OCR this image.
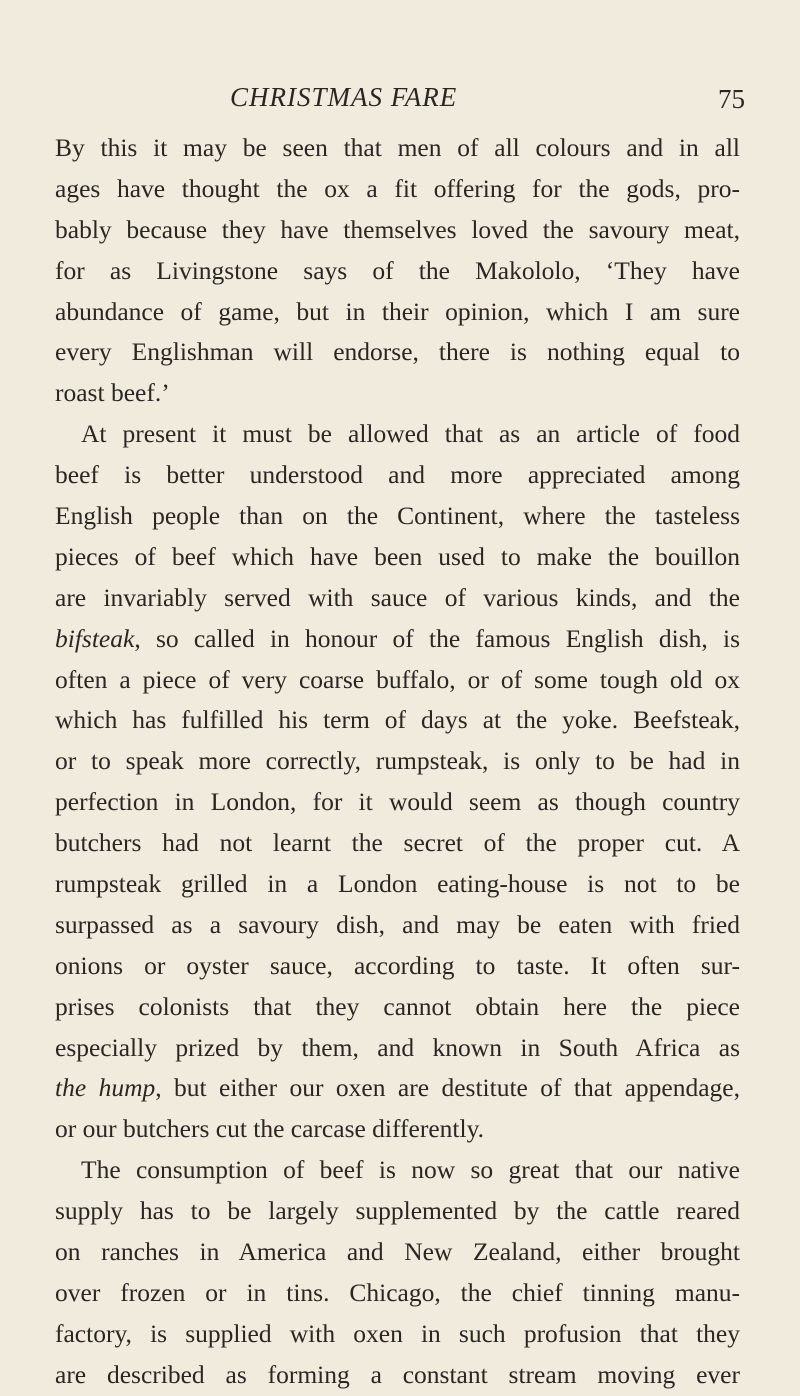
CHRISTMAS FARE	75
By this it may be seen that men of all colours and in all
ages have thought the ox a fit offering for the gods, pro-
bably because they have themselves loved the savoury meat,
for as Livingstone says of the Makololo, ‘They have
abundance of game, but in their opinion, which I am sure
every Englishman will endorse, there is nothing equal to
roast beef.’
At present it must be allowed that as an article of food
beef is better understood and more appreciated among
English people than on the Continent, where the tasteless
pieces of beef which have been used to make the bouillon
are invariably served with sauce of various kinds, and the
bifsteak, so called in honour of the famous English dish, is
often a piece of very coarse buffalo, or of some tough old ox
which has fulfilled his term of days at the yoke. Beefsteak,
or to speak more correctly, rumpsteak, is only to be had in
perfection in London, for it would seem as though country
butchers had not learnt the secret of the proper cut. A
rumpsteak grilled in a London eating-house is not to be
surpassed as a savoury dish, and may be eaten with fried
onions or oyster sauce, according to taste. It often sur-
prises colonists that they cannot obtain here the piece
especially prized by them, and known in South Africa as
the hump, but either our oxen are destitute of that appendage,
or our butchers cut the carcase differently.
The consumption of beef is now so great that our native
supply has to be largely supplemented by the cattle reared
on ranches in America and New Zealand, either brought
over frozen or in tins. Chicago, the chief tinning manu-
factory, is supplied with oxen in such profusion that they
are described as forming a constant stream moving ever
